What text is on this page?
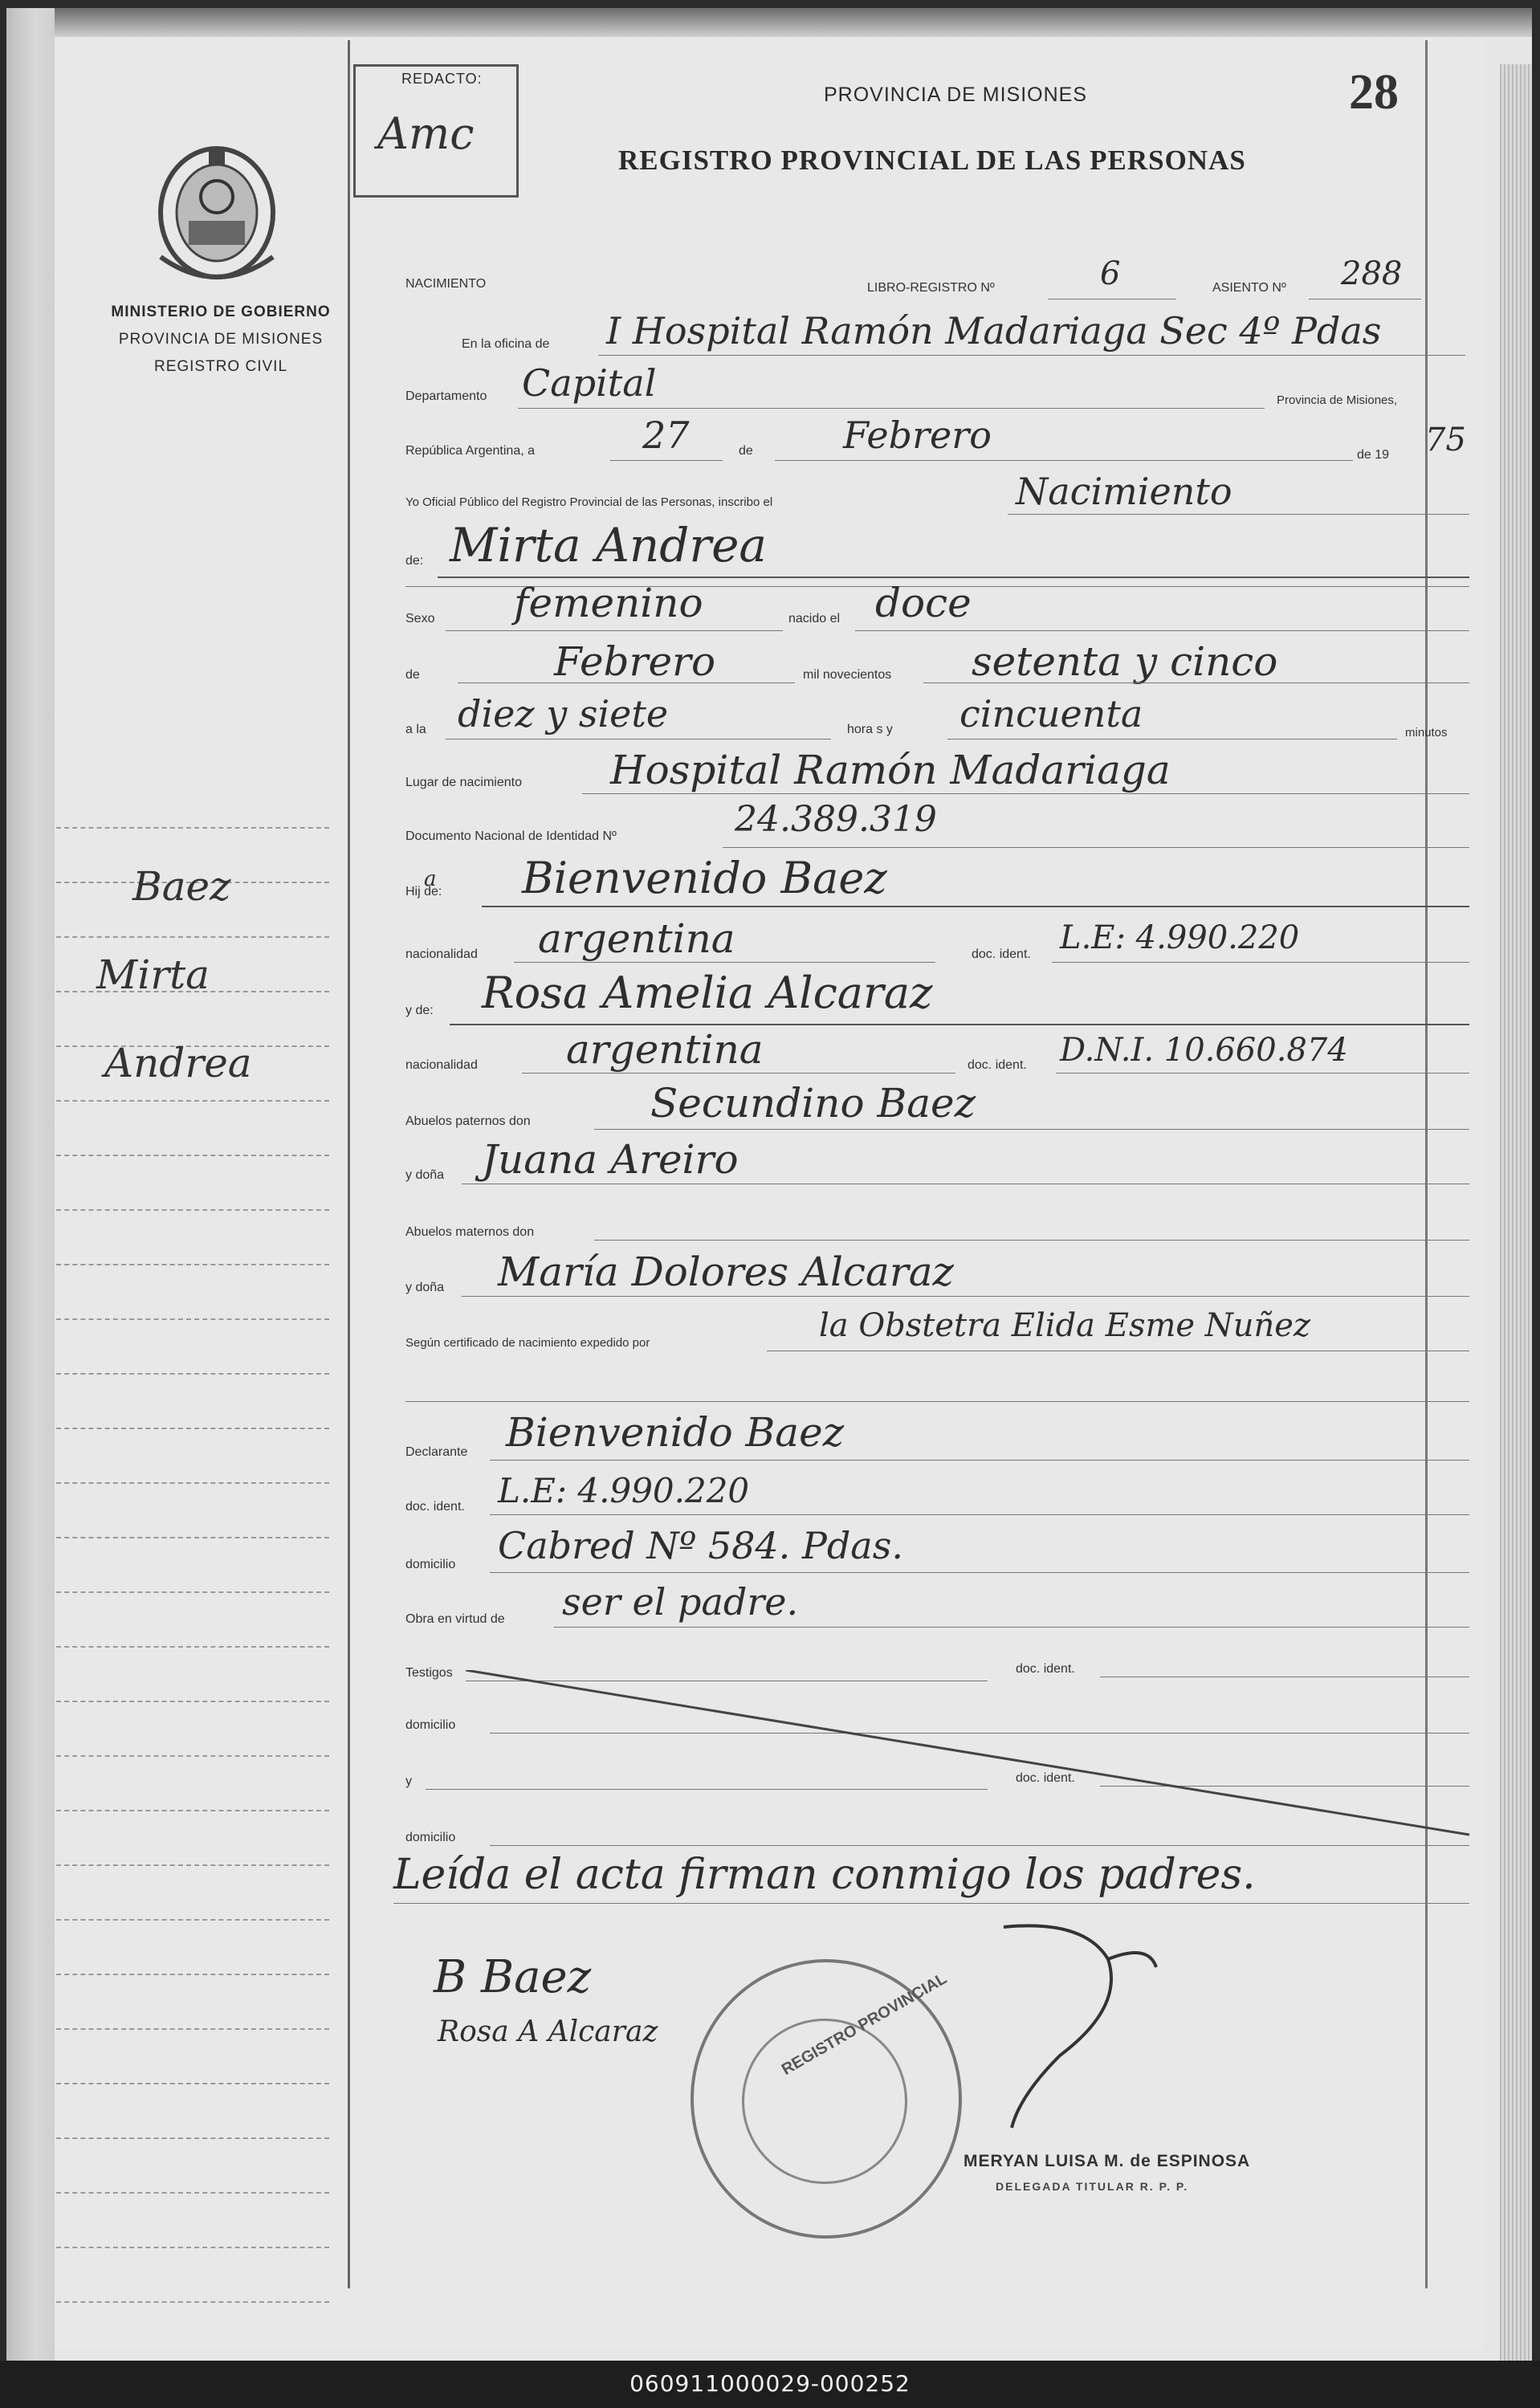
REDACTO:
Amc
PROVINCIA DE MISIONES	28
REGISTRO PROVINCIAL DE LAS PERSONAS
MINISTERIO DE GOBIERNO
PROVINCIA DE MISIONES
REGISTRO CIVIL
NACIMIENTO	LIBRO-REGISTRO Nº	6	ASIENTO Nº 288
En la oficina de I Hospital Ramón Madariaga Sec 4º Pdas
Departamento Capital	Provincia de Misiones,
República Argentina, a	27	de Febrero	de 19 75
Yo Oficial Público del Registro Provincial de las Personas, inscribo el	Nacimiento
de: Mirta Andrea
Sexo femenino	nacido el doce
de	Febrero	mil novecientos setenta y cinco
a la diez y siete	hora s y cincuenta	minutos
Lugar de nacimiento Hospital Ramón Madariaga
Documento Nacional de Identidad Nº	24.389.319
Hij de:
a Bienvenido Baez
nacionalidad argentina	doc. ident. L.E: 4.990.220
y de: Rosa Amelia Alcaraz
nacionalidad argentina	doc. ident. D.N.I. 10.660.874
Abuelos paternos don	Secundino Baez
y doña Juana Areiro
Abuelos maternos don
y doña María Dolores Alcaraz
Según certificado de nacimiento expedido por	la Obstetra Elida Esme Nuñez
Declarante Bienvenido Baez
doc. ident. L.E: 4.990.220
domicilio Cabred Nº 584. Pdas.
Obra en virtud de ser el padre.
Testigos	doc. ident.
domicilio
y	doc. ident.
domicilio
Leída el acta firman conmigo los padres.
B Baez
Rosa A Alcaraz	REGISTRO PROVINCIAL
MERYAN LUISA M. de ESPINOSA
DELEGADA TITULAR R. P. P.
Baez
Mirta
Andrea
060911000029-000252
